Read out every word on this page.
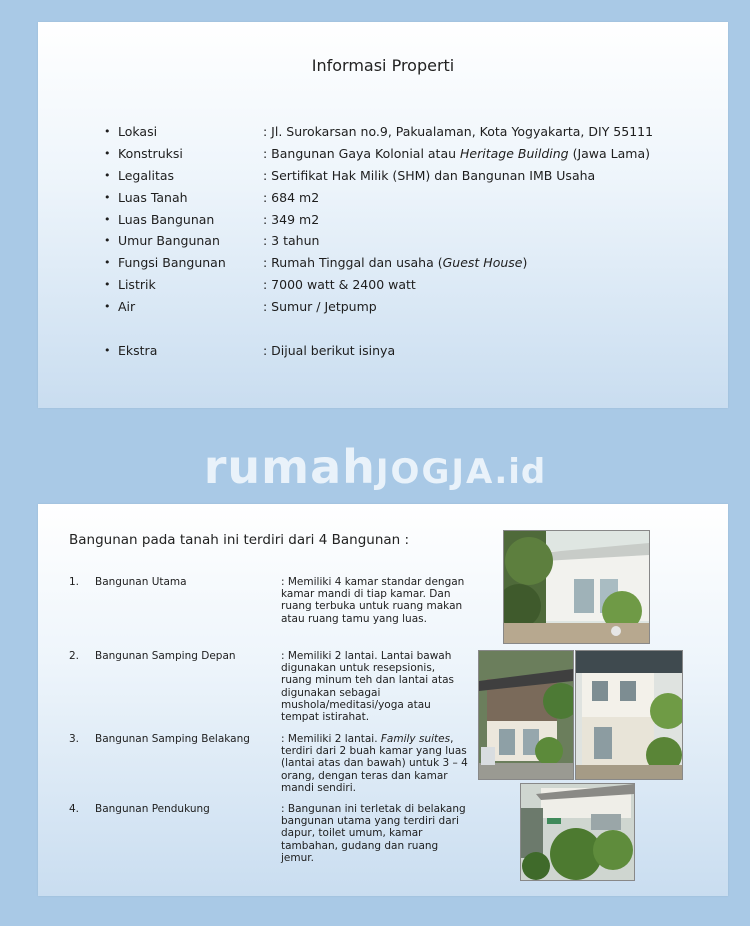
Informasi Properti
• Lokasi	: Jl. Surokarsan no.9, Pakualaman, Kota Yogyakarta, DIY 55111
• Konstruksi	: Bangunan Gaya Kolonial atau Heritage Building (Jawa Lama)
• Legalitas	: Sertifikat Hak Milik (SHM) dan Bangunan IMB Usaha
• Luas Tanah	: 684 m2
• Luas Bangunan	: 349 m2
• Umur Bangunan	: 3 tahun
• Fungsi Bangunan	: Rumah Tinggal dan usaha (Guest House)
• Listrik	: 7000 watt & 2400 watt
• Air	: Sumur / Jetpump
• Ekstra	: Dijual berikut isinya
rumahJOGJA.id
Bangunan pada tanah ini terdiri dari 4 Bangunan :
1. Bangunan Utama	: Memiliki 4 kamar standar dengan kamar mandi di tiap kamar. Dan ruang terbuka untuk ruang makan atau ruang tamu yang luas.
2. Bangunan Samping Depan	: Memiliki 2 lantai. Lantai bawah digunakan untuk resepsionis, ruang minum teh dan lantai atas digunakan sebagai mushola/meditasi/yoga atau tempat istirahat.
3. Bangunan Samping Belakang	: Memiliki 2 lantai. Family suites, terdiri dari 2 buah kamar yang luas (lantai atas dan bawah) untuk 3 – 4 orang, dengan teras dan kamar mandi sendiri.
4. Bangunan Pendukung	: Bangunan ini terletak di belakang bangunan utama yang terdiri dari dapur, toilet umum, kamar tambahan, gudang dan ruang jemur.
